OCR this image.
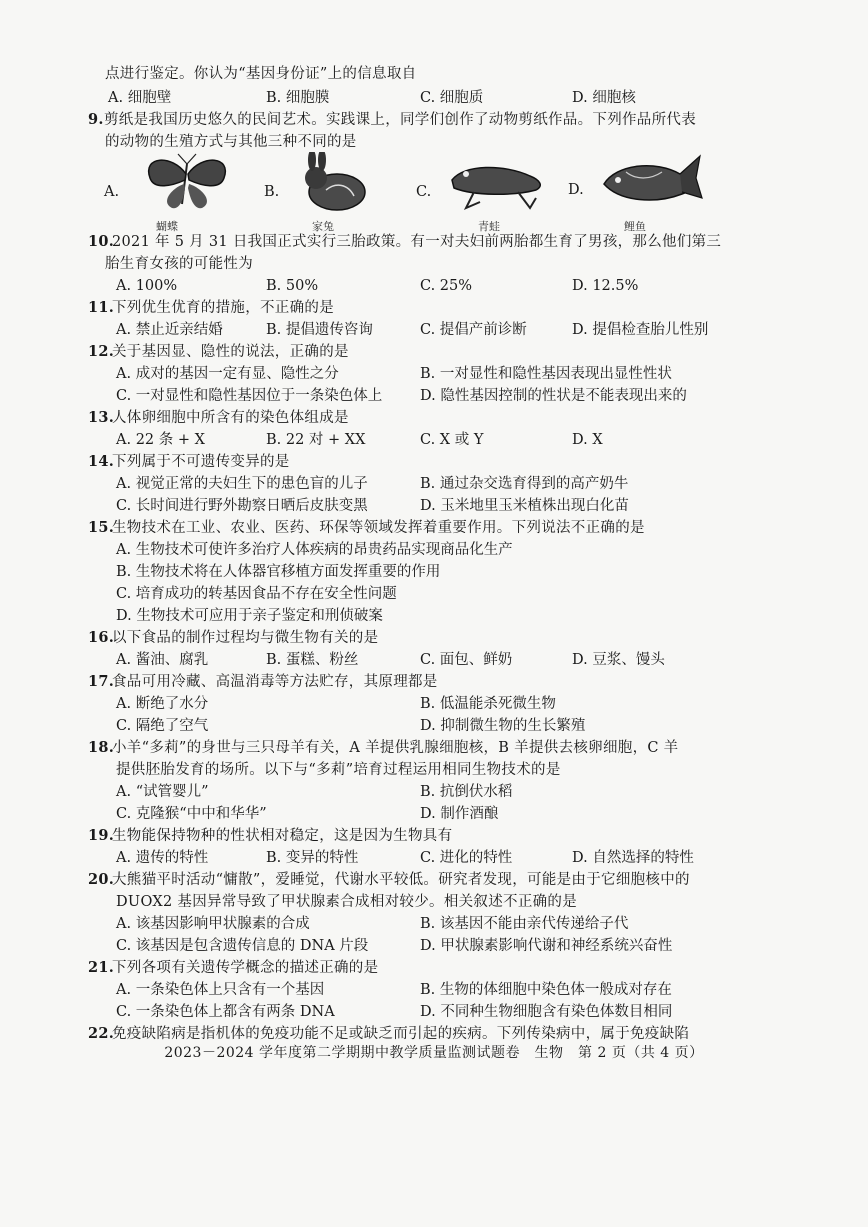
点进行鉴定。你认为“基因身份证”上的信息取自
A. 细胞壁	B. 细胞膜	C. 细胞质	D. 细胞核
9. 剪纸是我国历史悠久的民间艺术。实践课上，同学们创作了动物剪纸作品。下列作品所代表
的动物的生殖方式与其他三种不同的是
A.
蝴蝶
B.
家兔
C.
青蛙
D.
鲤鱼
10.
2021 年 5 月 31 日我国正式实行三胎政策。有一对夫妇前两胎都生育了男孩，那么他们第三
胎生育女孩的可能性为
A. 100%	B. 50%	C. 25%	D. 12.5%
11.
下列优生优育的措施，不正确的是
A. 禁止近亲结婚	B. 提倡遗传咨询	C. 提倡产前诊断	D. 提倡检查胎儿性别
12.
关于基因显、隐性的说法，正确的是
A. 成对的基因一定有显、隐性之分	B. 一对显性和隐性基因表现出显性性状
C. 一对显性和隐性基因位于一条染色体上	D. 隐性基因控制的性状是不能表现出来的
13.
人体卵细胞中所含有的染色体组成是
A. 22 条 + X	B. 22 对 + XX	C. X 或 Y	D. X
14.
下列属于不可遗传变异的是
A. 视觉正常的夫妇生下的患色盲的儿子	B. 通过杂交选育得到的高产奶牛
C. 长时间进行野外勘察日晒后皮肤变黑	D. 玉米地里玉米植株出现白化苗
15.
生物技术在工业、农业、医药、环保等领域发挥着重要作用。下列说法不正确的是
A. 生物技术可使许多治疗人体疾病的昂贵药品实现商品化生产
B. 生物技术将在人体器官移植方面发挥重要的作用
C. 培育成功的转基因食品不存在安全性问题
D. 生物技术可应用于亲子鉴定和刑侦破案
16.
以下食品的制作过程均与微生物有关的是
A. 酱油、腐乳	B. 蛋糕、粉丝	C. 面包、鲜奶	D. 豆浆、馒头
17.
食品可用冷藏、高温消毒等方法贮存，其原理都是
A. 断绝了水分	B. 低温能杀死微生物
C. 隔绝了空气	D. 抑制微生物的生长繁殖
18.
小羊“多莉”的身世与三只母羊有关，A 羊提供乳腺细胞核，B 羊提供去核卵细胞，C 羊
提供胚胎发育的场所。以下与“多莉”培育过程运用相同生物技术的是
A. “试管婴儿”	B. 抗倒伏水稻
C. 克隆猴“中中和华华”	D. 制作酒酿
19.
生物能保持物种的性状相对稳定，这是因为生物具有
A. 遗传的特性	B. 变异的特性	C. 进化的特性	D. 自然选择的特性
20.
大熊猫平时活动“慵散”，爱睡觉，代谢水平较低。研究者发现，可能是由于它细胞核中的
DUOX2 基因异常导致了甲状腺素合成相对较少。相关叙述不正确的是
A. 该基因影响甲状腺素的合成	B. 该基因不能由亲代传递给子代
C. 该基因是包含遗传信息的 DNA 片段	D. 甲状腺素影响代谢和神经系统兴奋性
21.
下列各项有关遗传学概念的描述正确的是
A. 一条染色体上只含有一个基因	B. 生物的体细胞中染色体一般成对存在
C. 一条染色体上都含有两条 DNA	D. 不同种生物细胞含有染色体数目相同
22.
免疫缺陷病是指机体的免疫功能不足或缺乏而引起的疾病。下列传染病中，属于免疫缺陷
2023－2024 学年度第二学期期中教学质量监测试题卷　生物　第 2 页（共 4 页）
